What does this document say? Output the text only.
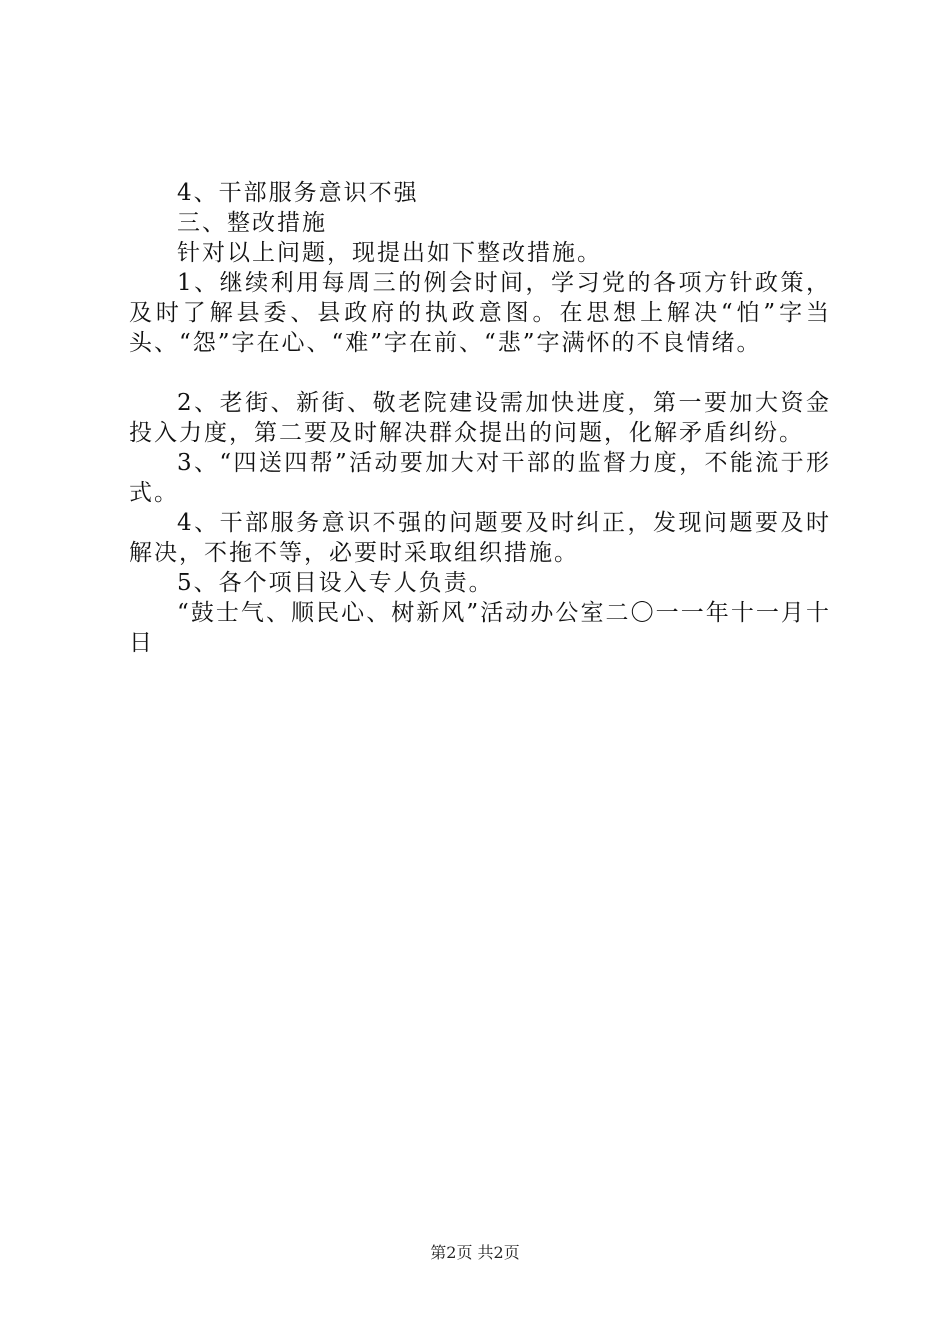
4、干部服务意识不强

三、整改措施

针对以上问题，现提出如下整改措施。

1、继续利用每周三的例会时间，学习党的各项方针政策，及时了解县委、县政府的执政意图。在思想上解决“怕”字当头、“怨”字在心、“难”字在前、“悲”字满怀的不良情绪。

2、老街、新街、敬老院建设需加快进度，第一要加大资金投入力度，第二要及时解决群众提出的问题，化解矛盾纠纷。

3、“四送四帮”活动要加大对干部的监督力度，不能流于形式。

4、干部服务意识不强的问题要及时纠正，发现问题要及时解决，不拖不等，必要时采取组织措施。

5、各个项目设入专人负责。

“鼓士气、顺民心、树新风”活动办公室二〇一一年十一月十日

第2页 共2页
